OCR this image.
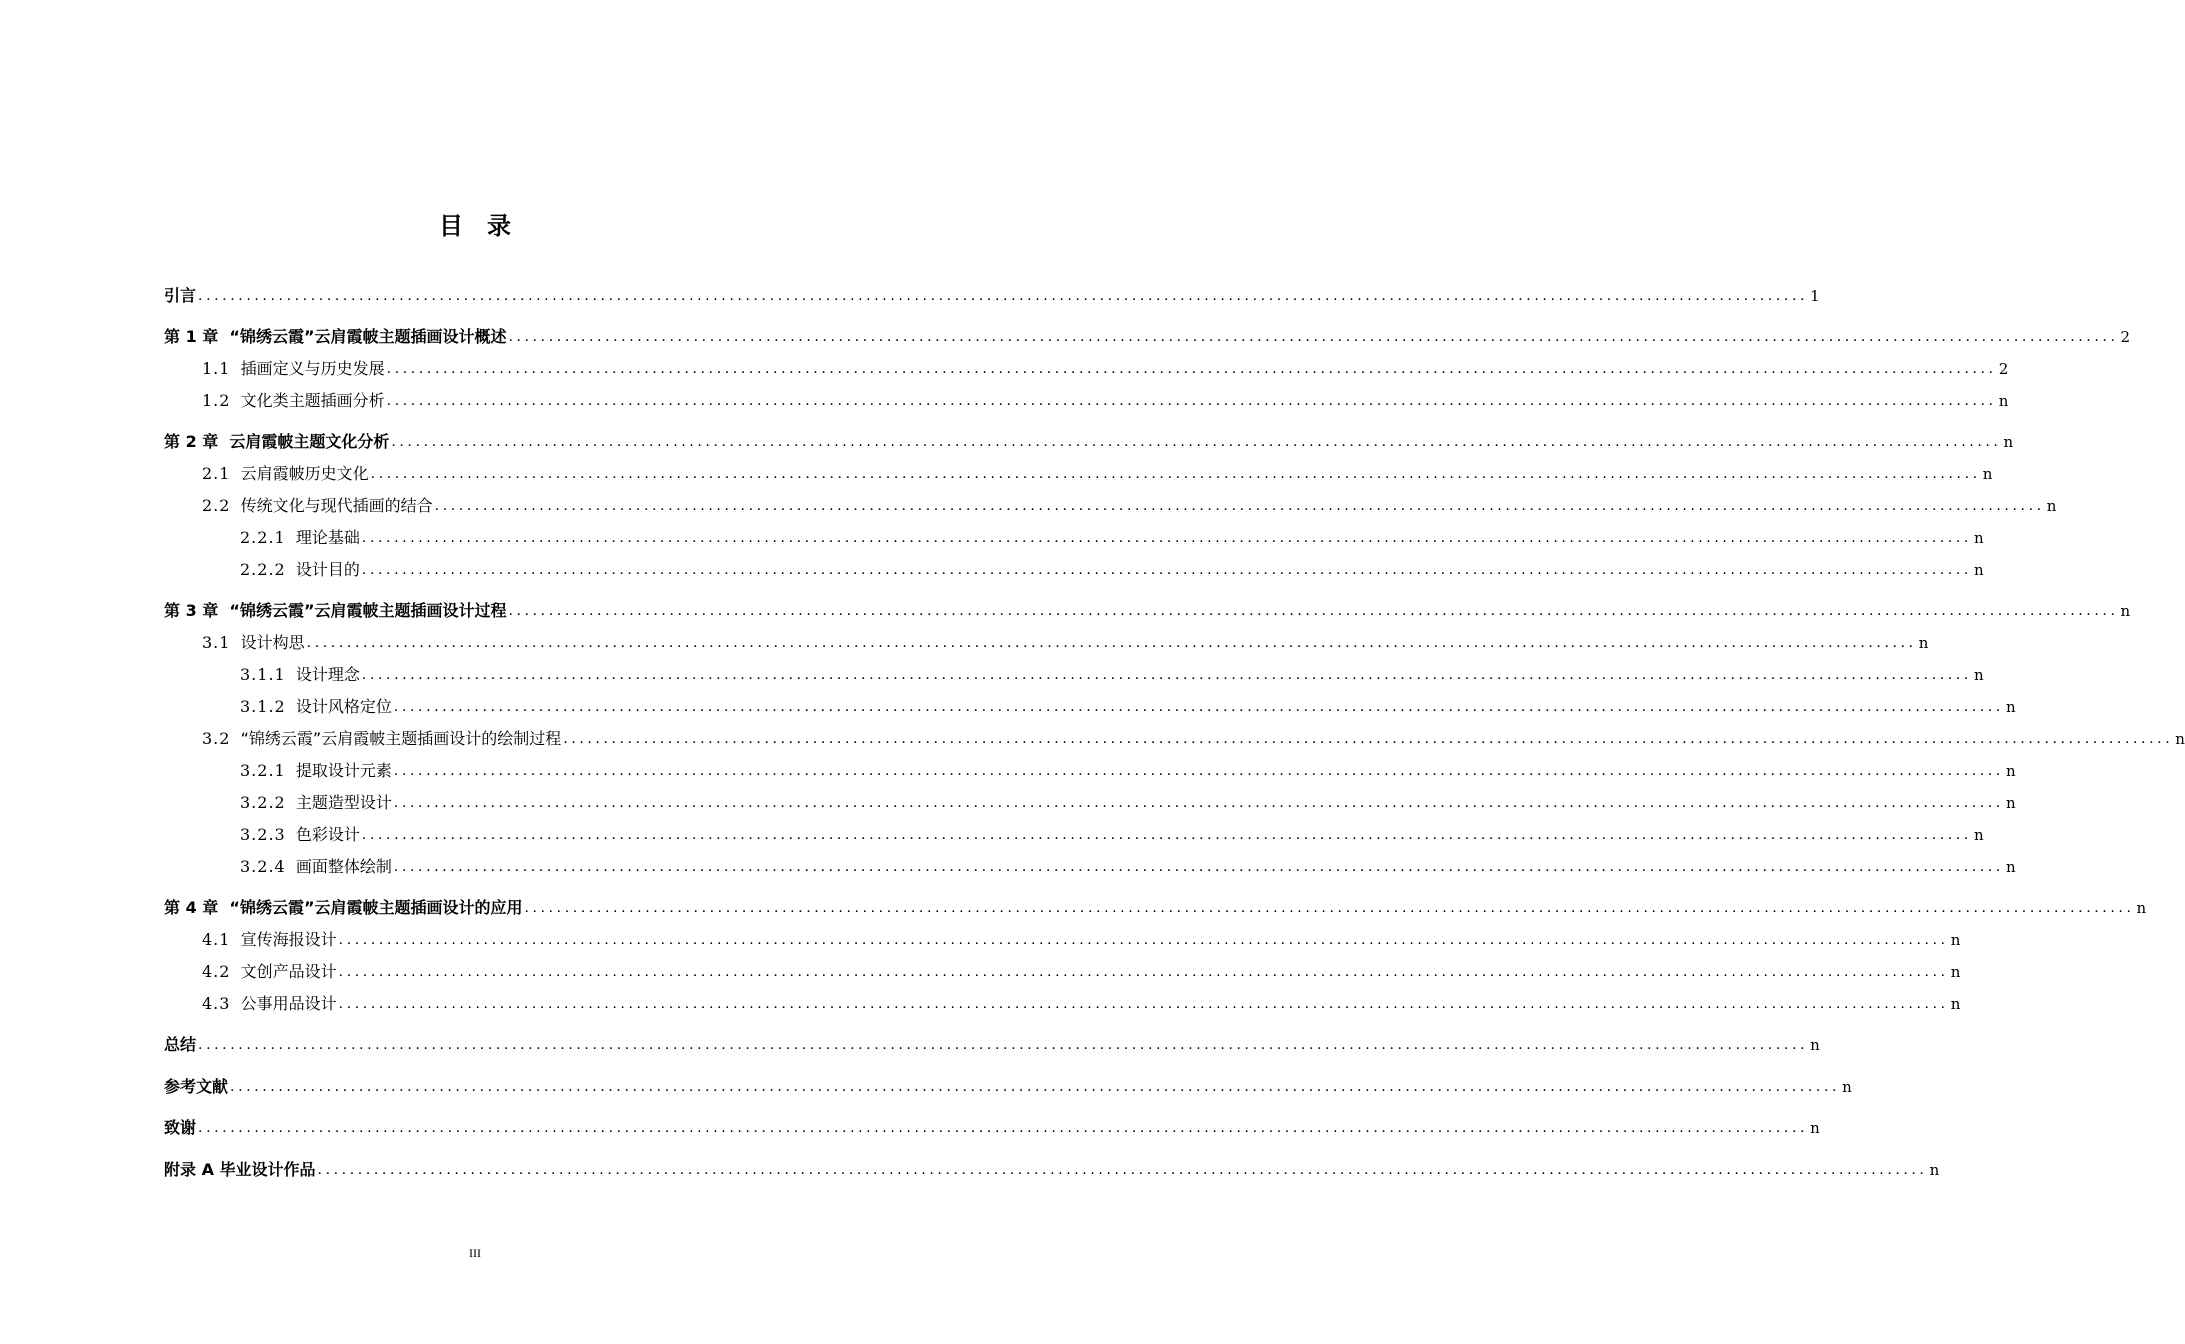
目录
引言 ........................................................................................................................................................................................................ 1
第 1 章 “锦绣云霞”云肩霞帔主题插画设计概述 ........................................................................................................................................................................................................ 2
1.1 插画定义与历史发展 ........................................................................................................................................................................................................ 2
1.2 文化类主题插画分析 ........................................................................................................................................................................................................ n
第 2 章 云肩霞帔主题文化分析 ........................................................................................................................................................................................................ n
2.1 云肩霞帔历史文化 ........................................................................................................................................................................................................ n
2.2 传统文化与现代插画的结合 ........................................................................................................................................................................................................ n
2.2.1 理论基础 ........................................................................................................................................................................................................ n
2.2.2 设计目的 ........................................................................................................................................................................................................ n
第 3 章 “锦绣云霞”云肩霞帔主题插画设计过程 ........................................................................................................................................................................................................ n
3.1 设计构思 ........................................................................................................................................................................................................ n
3.1.1 设计理念 ........................................................................................................................................................................................................ n
3.1.2 设计风格定位 ........................................................................................................................................................................................................ n
3.2 “锦绣云霞”云肩霞帔主题插画设计的绘制过程 ........................................................................................................................................................................................................ n
3.2.1 提取设计元素 ........................................................................................................................................................................................................ n
3.2.2 主题造型设计 ........................................................................................................................................................................................................ n
3.2.3 色彩设计 ........................................................................................................................................................................................................ n
3.2.4 画面整体绘制 ........................................................................................................................................................................................................ n
第 4 章 “锦绣云霞”云肩霞帔主题插画设计的应用 ........................................................................................................................................................................................................ n
4.1 宣传海报设计 ........................................................................................................................................................................................................ n
4.2 文创产品设计 ........................................................................................................................................................................................................ n
4.3 公事用品设计 ........................................................................................................................................................................................................ n
总结 ........................................................................................................................................................................................................ n
参考文献 ........................................................................................................................................................................................................ n
致谢 ........................................................................................................................................................................................................ n
附录 A 毕业设计作品 ........................................................................................................................................................................................................ n
III
